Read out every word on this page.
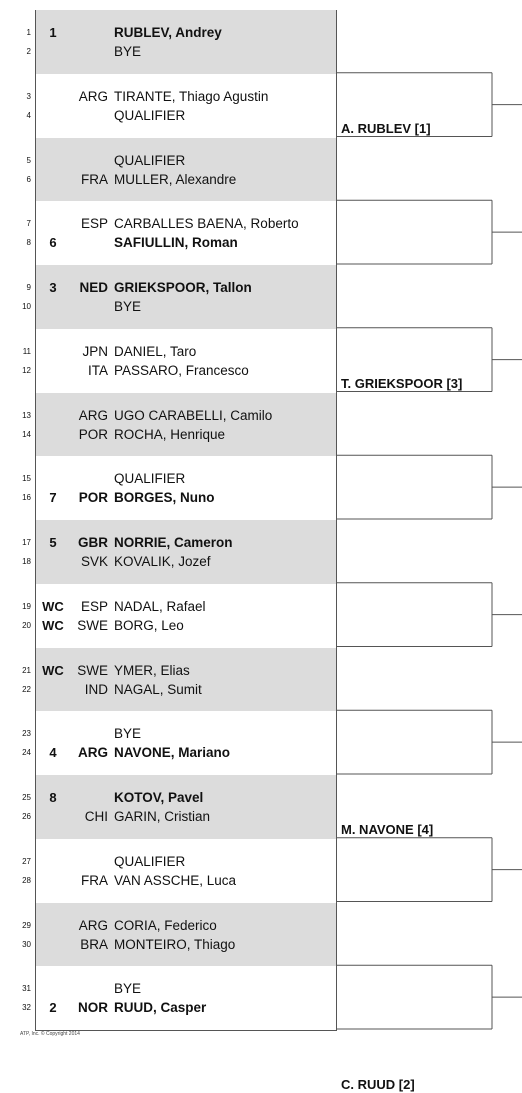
1	1	RUBLEV, Andrey
2	BYE
3	ARG TIRANTE, Thiago Agustin
4	QUALIFIER
5	QUALIFIER
6	FRA MULLER, Alexandre
7	ESP CARBALLES BAENA, Roberto
8	6	SAFIULLIN, Roman
9	3	NED GRIEKSPOOR, Tallon
10	BYE
11	JPN DANIEL, Taro
12	ITA PASSARO, Francesco
13	ARG UGO CARABELLI, Camilo
14	POR ROCHA, Henrique
15	QUALIFIER
16	7	POR BORGES, Nuno
17	5	GBR NORRIE, Cameron
18	SVK KOVALIK, Jozef
19 WC	ESP NADAL, Rafael
20 WC SWE BORG, Leo
21 WC SWE YMER, Elias
22	IND NAGAL, Sumit
23	BYE
24	4	ARG NAVONE, Mariano
25	8	KOTOV, Pavel
26	CHI GARIN, Cristian
27	QUALIFIER
28	FRA VAN ASSCHE, Luca
29	ARG CORIA, Federico
30	BRA MONTEIRO, Thiago
31	BYE
32	2	NOR RUUD, Casper
A. RUBLEV [1]
T. GRIEKSPOOR [3]
M. NAVONE [4]
C. RUUD [2]
ATP, Inc. © Copyright 2014
